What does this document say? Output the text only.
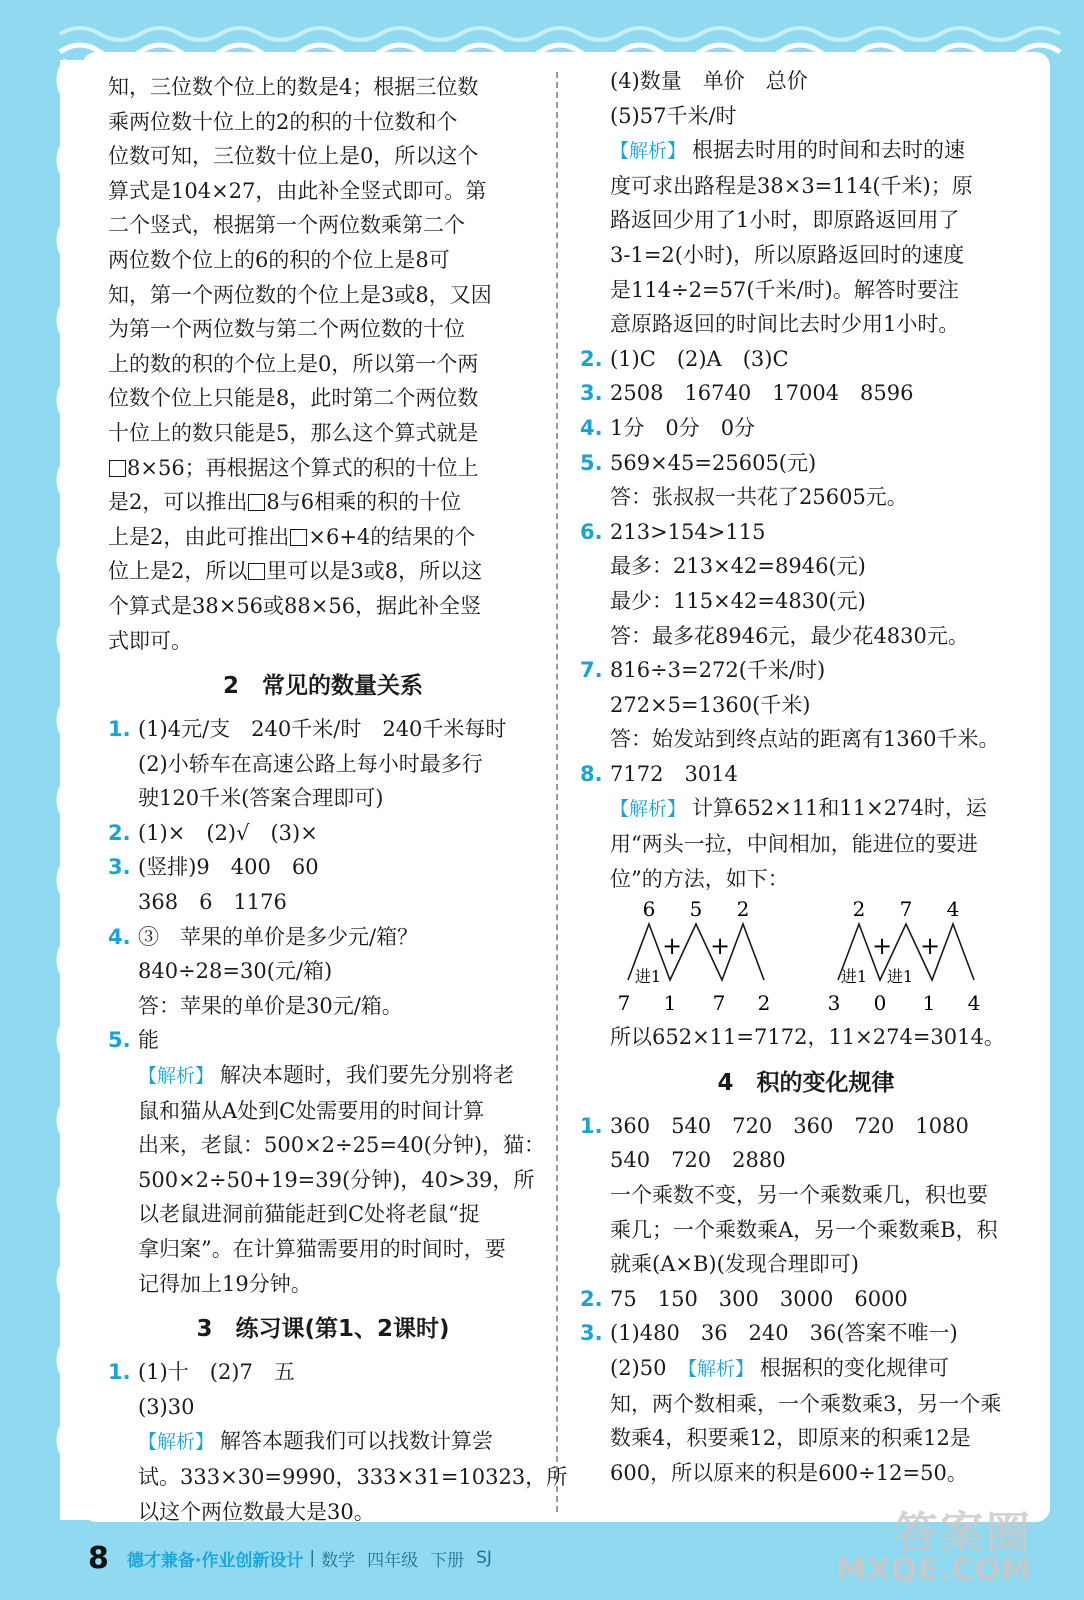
知，三位数个位上的数是4；根据三位数
乘两位数十位上的2的积的十位数和个
位数可知，三位数十位上是0，所以这个
算式是104×27，由此补全竖式即可。第
二个竖式，根据第一个两位数乘第二个
两位数个位上的6的积的个位上是8可
知，第一个两位数的个位上是3或8，又因
为第一个两位数与第二个两位数的十位
上的数的积的个位上是0，所以第一个两
位数个位上只能是8，此时第二个两位数
十位上的数只能是5，那么这个算式就是
8×56；再根据这个算式的积的十位上
是2，可以推出 8与6相乘的积的十位
上是2，由此可推出 ×6+4的结果的个
位上是2，所以 里可以是3或8，所以这
个算式是38×56或88×56，据此补全竖
式即可。
2　常见的数量关系
1. (1)4元/支　240千米/时　240千米每时
(2)小轿车在高速公路上每小时最多行
驶120千米(答案合理即可)
2. (1)×　(2)√　(3)×
3. (竖排)9　400　60
368　6　1176
4. ③　苹果的单价是多少元/箱？
840÷28=30(元/箱)
答：苹果的单价是30元/箱。
5. 能
【解析】 解决本题时，我们要先分别将老
鼠和猫从A处到C处需要用的时间计算
出来，老鼠：500×2÷25=40(分钟)，猫：
500×2÷50+19=39(分钟)，40>39，所
以老鼠进洞前猫能赶到C处将老鼠“捉
拿归案”。在计算猫需要用的时间时，要
记得加上19分钟。
3　练习课(第1、2课时)
1. (1)十　(2)7　五
(3)30
【解析】 解答本题我们可以找数计算尝
试。333×30=9990，333×31=10323，所
以这个两位数最大是30。
(4)数量　单价　总价
(5)57千米/时
【解析】 根据去时用的时间和去时的速
度可求出路程是38×3=114(千米)；原
路返回少用了1小时，即原路返回用了
3-1=2(小时)，所以原路返回时的速度
是114÷2=57(千米/时)。解答时要注
意原路返回的时间比去时少用1小时。
2. (1)C　(2)A　(3)C
3. 2508　16740　17004　8596
4. 1分　0分　0分
5. 569×45=25605(元)
答：张叔叔一共花了25605元。
6. 213>154>115
最多：213×42=8946(元)
最少：115×42=4830(元)
答：最多花8946元，最少花4830元。
7. 816÷3=272(千米/时)
272×5=1360(千米)
答：始发站到终点站的距离有1360千米。
8. 7172　3014
【解析】 计算652×11和11×274时，运
用“两头一拉，中间相加，能进位的要进
位”的方法，如下：
6 5 2
+ +
进1
7 1 7 2
2 7 4
+ +
进1 进1
3 0 1 4
所以652×11=7172，11×274=3014。
4　积的变化规律
1. 360　540　720　360　720　1080
540　720　2880
一个乘数不变，另一个乘数乘几，积也要
乘几；一个乘数乘A，另一个乘数乘B，积
就乘(A×B)(发现合理即可)
2. 75　150　300　3000　6000
3. (1)480　36　240　36(答案不唯一)
(2)50　 【解析】 根据积的变化规律可
知，两个数相乘，一个乘数乘3，另一个乘
数乘4，积要乘12，即原来的积乘12是
600，所以原来的积是600÷12=50。
8 德才兼备·作业创新设计 | 数学 四年级 下册 SJ	答案圈
MXQE.COM
